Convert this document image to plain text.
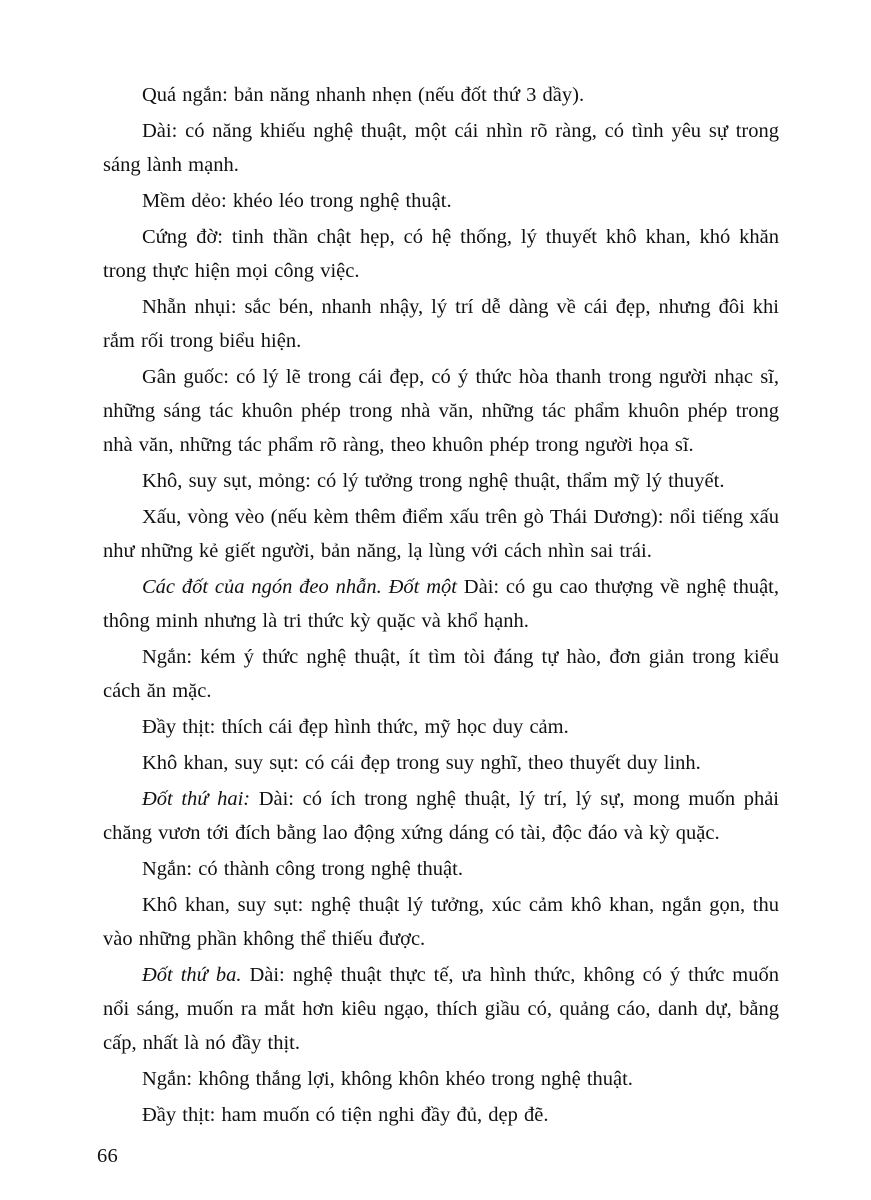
Quá ngắn: bản năng nhanh nhẹn (nếu đốt thứ 3 dầy).

Dài: có năng khiếu nghệ thuật, một cái nhìn rõ ràng, có tình yêu sự trong sáng lành mạnh.

Mềm dẻo: khéo léo trong nghệ thuật.

Cứng đờ: tinh thần chật hẹp, có hệ thống, lý thuyết khô khan, khó khăn trong thực hiện mọi công việc.

Nhẵn nhụi: sắc bén, nhanh nhậy, lý trí dễ dàng về cái đẹp, nhưng đôi khi rắm rối trong biểu hiện.

Gân guốc: có lý lẽ trong cái đẹp, có ý thức hòa thanh trong người nhạc sĩ, những sáng tác khuôn phép trong nhà văn, những tác phẩm khuôn phép trong nhà văn, những tác phẩm rõ ràng, theo khuôn phép trong người họa sĩ.

Khô, suy sụt, mỏng: có lý tưởng trong nghệ thuật, thẩm mỹ lý thuyết.

Xấu, vòng vèo (nếu kèm thêm điểm xấu trên gò Thái Dương): nổi tiếng xấu như những kẻ giết người, bản năng, lạ lùng với cách nhìn sai trái.

Các đốt của ngón đeo nhẫn. Đốt một Dài: có gu cao thượng về nghệ thuật, thông minh nhưng là tri thức kỳ quặc và khổ hạnh.

Ngắn: kém ý thức nghệ thuật, ít tìm tòi đáng tự hào, đơn giản trong kiểu cách ăn mặc.

Đầy thịt: thích cái đẹp hình thức, mỹ học duy cảm.

Khô khan, suy sụt: có cái đẹp trong suy nghĩ, theo thuyết duy linh.

Đốt thứ hai: Dài: có ích trong nghệ thuật, lý trí, lý sự, mong muốn phải chăng vươn tới đích bằng lao động xứng dáng có tài, độc đáo và kỳ quặc.

Ngắn: có thành công trong nghệ thuật.

Khô khan, suy sụt: nghệ thuật lý tưởng, xúc cảm khô khan, ngắn gọn, thu vào những phần không thể thiếu được.

Đốt thứ ba. Dài: nghệ thuật thực tế, ưa hình thức, không có ý thức muốn nổi sáng, muốn ra mắt hơn kiêu ngạo, thích giầu có, quảng cáo, danh dự, bằng cấp, nhất là nó đầy thịt.

Ngắn: không thắng lợi, không khôn khéo trong nghệ thuật.

Đầy thịt: ham muốn có tiện nghi đầy đủ, dẹp đẽ.

66
